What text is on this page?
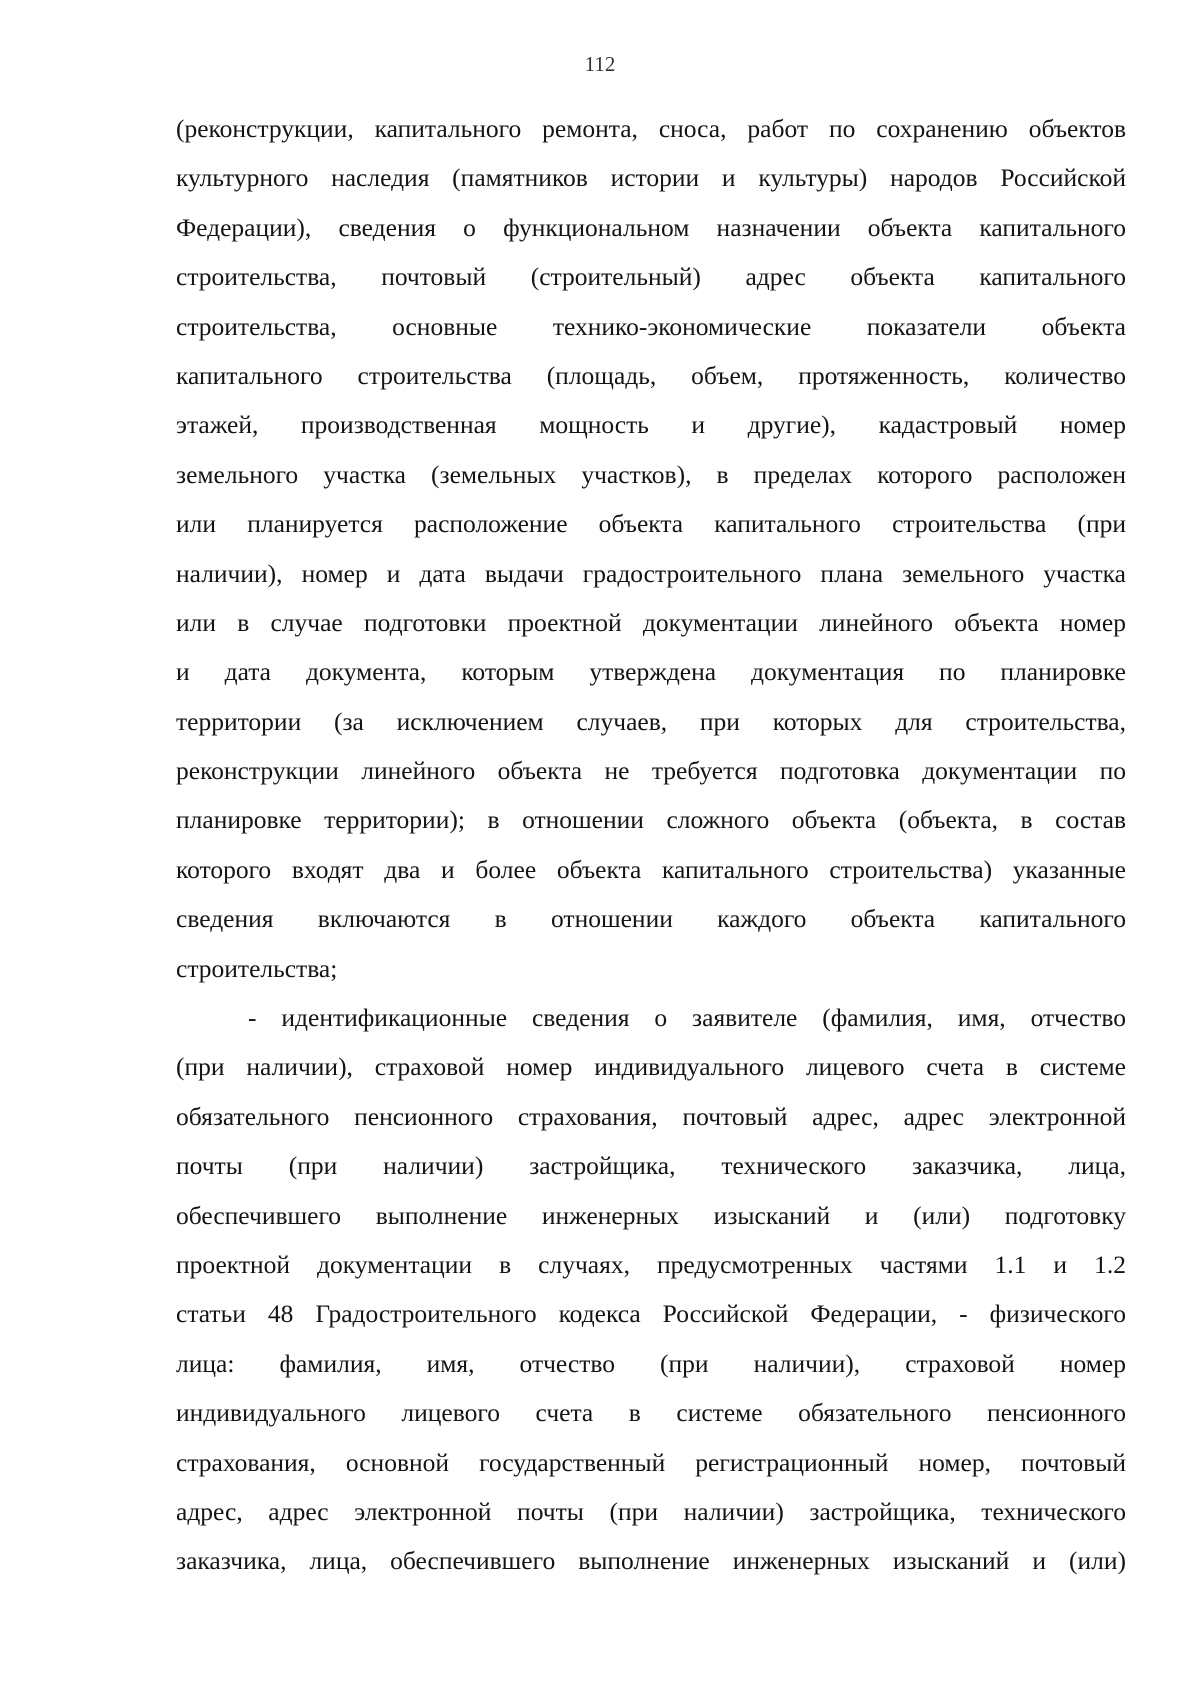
112
(реконструкции, капитального ремонта, сноса, работ по сохранению объектов
культурного наследия (памятников истории и культуры) народов Российской
Федерации), сведения о функциональном назначении объекта капитального
строительства, почтовый (строительный) адрес объекта капитального
строительства, основные технико-экономические показатели объекта
капитального строительства (площадь, объем, протяженность, количество
этажей, производственная мощность и другие), кадастровый номер
земельного участка (земельных участков), в пределах которого расположен
или планируется расположение объекта капитального строительства (при
наличии), номер и дата выдачи градостроительного плана земельного участка
или в случае подготовки проектной документации линейного объекта номер
и дата документа, которым утверждена документация по планировке
территории (за исключением случаев, при которых для строительства,
реконструкции линейного объекта не требуется подготовка документации по
планировке территории); в отношении сложного объекта (объекта, в состав
которого входят два и более объекта капитального строительства) указанные
сведения включаются в отношении каждого объекта капитального
строительства;
- идентификационные сведения о заявителе (фамилия, имя, отчество
(при наличии), страховой номер индивидуального лицевого счета в системе
обязательного пенсионного страхования, почтовый адрес, адрес электронной
почты (при наличии) застройщика, технического заказчика, лица,
обеспечившего выполнение инженерных изысканий и (или) подготовку
проектной документации в случаях, предусмотренных частями 1.1 и 1.2
статьи 48 Градостроительного кодекса Российской Федерации, - физического
лица: фамилия, имя, отчество (при наличии), страховой номер
индивидуального лицевого счета в системе обязательного пенсионного
страхования, основной государственный регистрационный номер, почтовый
адрес, адрес электронной почты (при наличии) застройщика, технического
заказчика, лица, обеспечившего выполнение инженерных изысканий и (или)
